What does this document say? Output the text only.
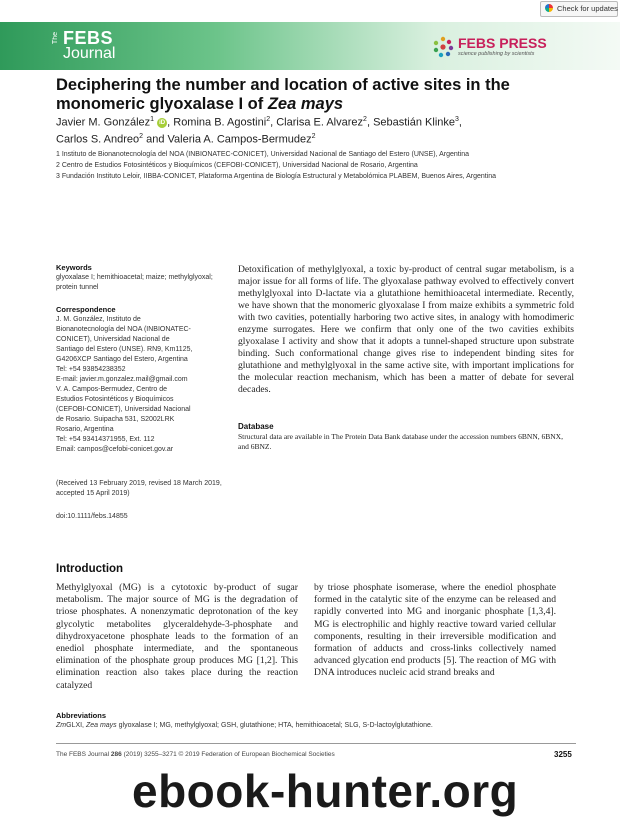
The FEBS
Journal
FEBS PRESS
science publishing by scientists
Check for updates
Deciphering the number and location of active sites in the monomeric glyoxalase I of Zea mays
Javier M. González$^1$ iD , Romina B. Agostini$^2$, Clarisa E. Alvarez$^2$, Sebastián Klinke$^3$,
Carlos S. Andreo$^2$ and Valeria A. Campos-Bermudez$^2$
1 Instituto de Bionanotecnología del NOA (INBIONATEC-CONICET), Universidad Nacional de Santiago del Estero (UNSE), Argentina
2 Centro de Estudios Fotosintéticos y Bioquímicos (CEFOBI-CONICET), Universidad Nacional de Rosario, Argentina
3 Fundación Instituto Leloir, IIBBA-CONICET, Plataforma Argentina de Biología Estructural y Metabolómica PLABEM, Buenos Aires, Argentina
Keywords
glyoxalase I; hemithioacetal; maize; methylglyoxal; protein tunnel
Correspondence
J. M. González, Instituto de
Bionanotecnología del NOA (INBIONATEC-
CONICET), Universidad Nacional de
Santiago del Estero (UNSE). RN9, Km1125,
G4206XCP Santiago del Estero, Argentina
Tel: +54 93854238352
E-mail: javier.m.gonzalez.mail@gmail.com
V. A. Campos-Bermudez, Centro de
Estudios Fotosintéticos y Bioquímicos
(CEFOBI-CONICET), Universidad Nacional
de Rosario. Suipacha 531, S2002LRK
Rosario, Argentina
Tel: +54 93414371955, Ext. 112
Email: campos@cefobi-conicet.gov.ar
(Received 13 February 2019, revised 18 March 2019, accepted 15 April 2019)
doi:10.1111/febs.14855
Detoxification of methylglyoxal, a toxic by-product of central sugar metabolism, is a major issue for all forms of life. The glyoxalase pathway evolved to effectively convert methylglyoxal into D-lactate via a glutathione hemithioacetal intermediate. Recently, we have shown that the monomeric glyoxalase I from maize exhibits a symmetric fold with two cavities, potentially harboring two active sites, in analogy with homodimeric enzyme surrogates. Here we confirm that only one of the two cavities exhibits glyoxalase I activity and show that it adopts a tunnel-shaped structure upon substrate binding. Such conformational change gives rise to independent binding sites for glutathione and methylglyoxal in the same active site, with important implications for the molecular reaction mechanism, which has been a matter of debate for several decades.
Database
Structural data are available in The Protein Data Bank database under the accession numbers 6BNN, 6BNX, and 6BNZ.
Introduction
Methylglyoxal (MG) is a cytotoxic by-product of sugar metabolism. The major source of MG is the degradation of triose phosphates. A nonenzymatic deprotonation of the key glycolytic metabolites glyceraldehyde-3-phosphate and dihydroxyacetone phosphate leads to the formation of an enediol phosphate intermediate, and the spontaneous elimination of the phosphate group produces MG [1,2]. This elimination reaction also takes place during the reaction catalyzed
by triose phosphate isomerase, where the enediol phosphate formed in the catalytic site of the enzyme can be released and rapidly converted into MG and inorganic phosphate [1,3,4]. MG is electrophilic and highly reactive toward varied cellular components, resulting in their irreversible modification and formation of adducts and cross-links collectively named advanced glycation end products [5]. The reaction of MG with DNA introduces nucleic acid strand breaks and
Abbreviations
ZmGLXI, Zea mays glyoxalase I; MG, methylglyoxal; GSH, glutathione; HTA, hemithioacetal; SLG, S-D-lactoylglutathione.
The FEBS Journal 286 (2019) 3255–3271 © 2019 Federation of European Biochemical Societies	3255
ebook-hunter.org
